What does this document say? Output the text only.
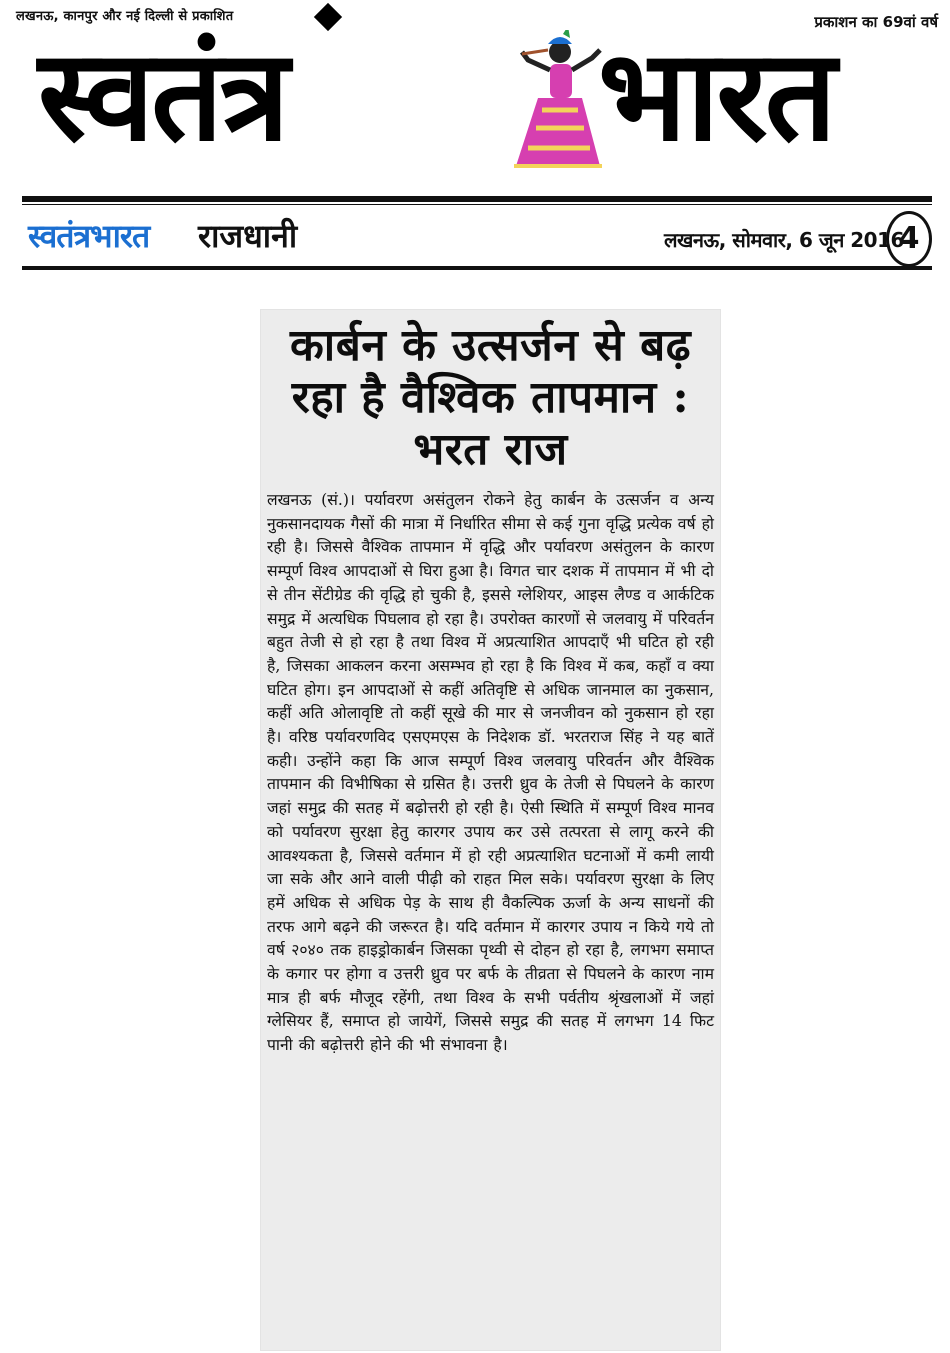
लखनऊ, कानपुर और नई दिल्ली से प्रकाशित	प्रकाशन का 69वां वर्ष
स्वतंत्र भारत
स्वतंत्रभारत राजधानी	लखनऊ, सोमवार, 6 जून 2016
4
कार्बन के उत्सर्जन से बढ़ रहा है वैश्विक तापमान : भरत राज

लखनऊ (सं.)। पर्यावरण असंतुलन रोकने हेतु कार्बन के उत्सर्जन व अन्य नुकसानदायक गैसों की मात्रा में निर्धारित सीमा से कई गुना वृद्धि प्रत्येक वर्ष हो रही है। जिससे वैश्विक तापमान में वृद्धि और पर्यावरण असंतुलन के कारण सम्पूर्ण विश्व आपदाओं से घिरा हुआ है। विगत चार दशक में तापमान में भी दो से तीन सेंटीग्रेड की वृद्धि हो चुकी है, इससे ग्लेशियर, आइस लैण्ड व आर्कटिक समुद्र में अत्यधिक पिघलाव हो रहा है। उपरोक्त कारणों से जलवायु में परिवर्तन बहुत तेजी से हो रहा है तथा विश्व में अप्रत्याशित आपदाएँ भी घटित हो रही है, जिसका आकलन करना असम्भव हो रहा है कि विश्व में कब, कहाँ व क्या घटित होग। इन आपदाओं से कहीं अतिवृष्टि से अधिक जानमाल का नुकसान, कहीं अति ओलावृष्टि तो कहीं सूखे की मार से जनजीवन को नुकसान हो रहा है। वरिष्ठ पर्यावरणविद एसएमएस के निदेशक डॉ. भरतराज सिंह ने यह बातें कही। उन्होंने कहा कि आज सम्पूर्ण विश्व जलवायु परिवर्तन और वैश्विक तापमान की विभीषिका से ग्रसित है। उत्तरी ध्रुव के तेजी से पिघलने के कारण जहां समुद्र की सतह में बढ़ोत्तरी हो रही है। ऐसी स्थिति में सम्पूर्ण विश्व मानव को पर्यावरण सुरक्षा हेतु कारगर उपाय कर उसे तत्परता से लागू करने की आवश्यकता है, जिससे वर्तमान में हो रही अप्रत्याशित घटनाओं में कमी लायी जा सके और आने वाली पीढ़ी को राहत मिल सके। पर्यावरण सुरक्षा के लिए हमें अधिक से अधिक पेड़ के साथ ही वैकल्पिक ऊर्जा के अन्य साधनों की तरफ आगे बढ़ने की जरूरत है। यदि वर्तमान में कारगर उपाय न किये गये तो वर्ष २०४० तक हाइड्रोकार्बन जिसका पृथ्वी से दोहन हो रहा है, लगभग समाप्त के कगार पर होगा व उत्तरी ध्रुव पर बर्फ के तीव्रता से पिघलने के कारण नाम मात्र ही बर्फ मौजूद रहेंगी, तथा विश्व के सभी पर्वतीय श्रृंखलाओं में जहां ग्लेसियर हैं, समाप्त हो जायेगें, जिससे समुद्र की सतह में लगभग 14 फिट पानी की बढ़ोत्तरी होने की भी संभावना है।
